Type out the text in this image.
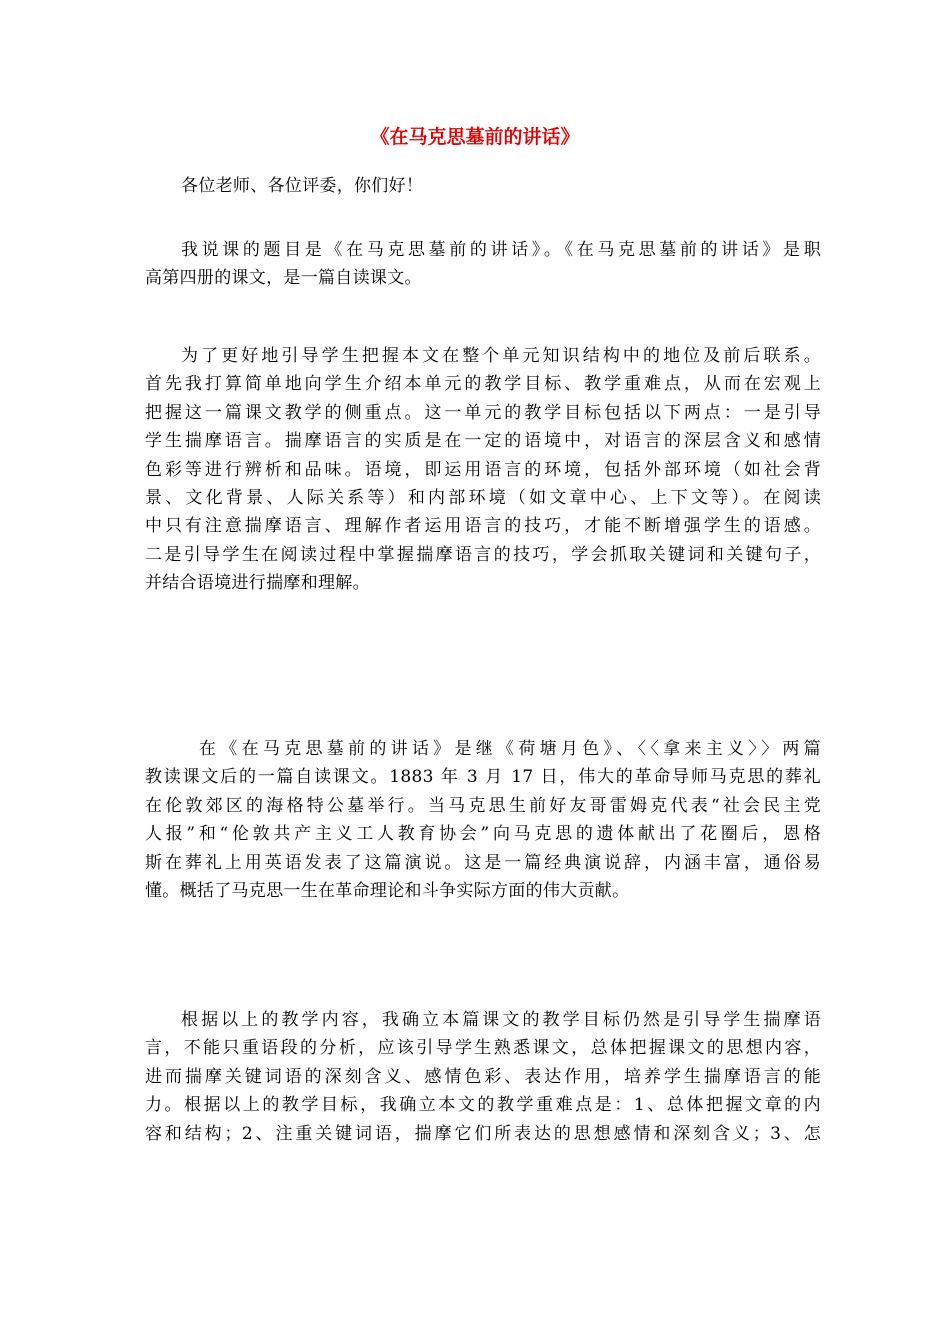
《在马克思墓前的讲话》
各位老师、各位评委，你们好！
我说课的题目是《在马克思墓前的讲话》。《在马克思墓前的讲话》是职
高第四册的课文，是一篇自读课文。
为了更好地引导学生把握本文在整个单元知识结构中的地位及前后联系。
首先我打算简单地向学生介绍本单元的教学目标、教学重难点，从而在宏观上
把握这一篇课文教学的侧重点。这一单元的教学目标包括以下两点：一是引导
学生揣摩语言。揣摩语言的实质是在一定的语境中，对语言的深层含义和感情
色彩等进行辨析和品味。语境，即运用语言的环境，包括外部环境（如社会背
景、文化背景、人际关系等）和内部环境（如文章中心、上下文等）。在阅读
中只有注意揣摩语言、理解作者运用语言的技巧，才能不断增强学生的语感。
二是引导学生在阅读过程中掌握揣摩语言的技巧，学会抓取关键词和关键句子，
并结合语境进行揣摩和理解。
在《在马克思墓前的讲话》是继《荷塘月色》、〈〈拿来主义〉〉两篇
教读课文后的一篇自读课文。1883 年 3 月 17 日，伟大的革命导师马克思的葬礼
在伦敦郊区的海格特公墓举行。当马克思生前好友哥雷姆克代表“社会民主党
人报”和“伦敦共产主义工人教育协会”向马克思的遗体献出了花圈后，恩格
斯在葬礼上用英语发表了这篇演说。这是一篇经典演说辞，内涵丰富，通俗易
懂。概括了马克思一生在革命理论和斗争实际方面的伟大贡献。
根据以上的教学内容，我确立本篇课文的教学目标仍然是引导学生揣摩语
言，不能只重语段的分析，应该引导学生熟悉课文，总体把握课文的思想内容，
进而揣摩关键词语的深刻含义、感情色彩、表达作用，培养学生揣摩语言的能
力。根据以上的教学目标，我确立本文的教学重难点是：1、总体把握文章的内
容和结构；2、注重关键词语，揣摩它们所表达的思想感情和深刻含义；3、怎
